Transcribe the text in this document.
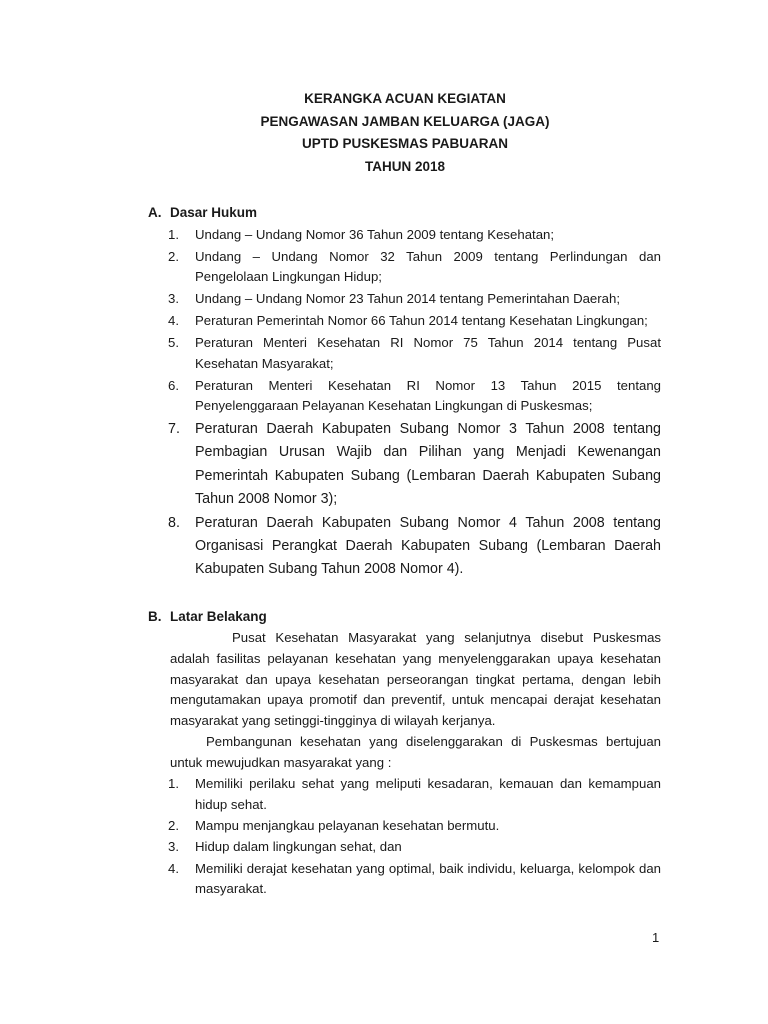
KERANGKA ACUAN KEGIATAN
PENGAWASAN JAMBAN KELUARGA (JAGA)
UPTD PUSKESMAS PABUARAN
TAHUN 2018
A. Dasar Hukum
1. Undang – Undang Nomor 36 Tahun 2009 tentang Kesehatan;
2. Undang – Undang Nomor 32 Tahun 2009 tentang Perlindungan dan Pengelolaan Lingkungan Hidup;
3. Undang – Undang Nomor 23 Tahun 2014 tentang Pemerintahan Daerah;
4. Peraturan Pemerintah Nomor 66 Tahun 2014 tentang Kesehatan Lingkungan;
5. Peraturan Menteri Kesehatan RI Nomor 75 Tahun 2014 tentang Pusat Kesehatan Masyarakat;
6. Peraturan Menteri Kesehatan RI Nomor 13 Tahun 2015 tentang Penyelenggaraan Pelayanan Kesehatan Lingkungan di Puskesmas;
7. Peraturan Daerah Kabupaten Subang Nomor 3 Tahun 2008 tentang Pembagian Urusan Wajib dan Pilihan yang Menjadi Kewenangan Pemerintah Kabupaten Subang (Lembaran Daerah Kabupaten Subang Tahun 2008 Nomor 3);
8. Peraturan Daerah Kabupaten Subang Nomor 4 Tahun 2008 tentang Organisasi Perangkat Daerah Kabupaten Subang (Lembaran Daerah Kabupaten Subang Tahun 2008 Nomor 4).
B. Latar Belakang
Pusat Kesehatan Masyarakat yang selanjutnya disebut Puskesmas adalah fasilitas pelayanan kesehatan yang menyelenggarakan upaya kesehatan masyarakat dan upaya kesehatan perseorangan tingkat pertama, dengan lebih mengutamakan upaya promotif dan preventif, untuk mencapai derajat kesehatan masyarakat yang setinggi-tingginya di wilayah kerjanya.
Pembangunan kesehatan yang diselenggarakan di Puskesmas bertujuan untuk mewujudkan masyarakat yang :
1. Memiliki perilaku sehat yang meliputi kesadaran, kemauan dan kemampuan hidup sehat.
2. Mampu menjangkau pelayanan kesehatan bermutu.
3. Hidup dalam lingkungan sehat, dan
4. Memiliki derajat kesehatan yang optimal, baik individu, keluarga, kelompok dan masyarakat.
1
